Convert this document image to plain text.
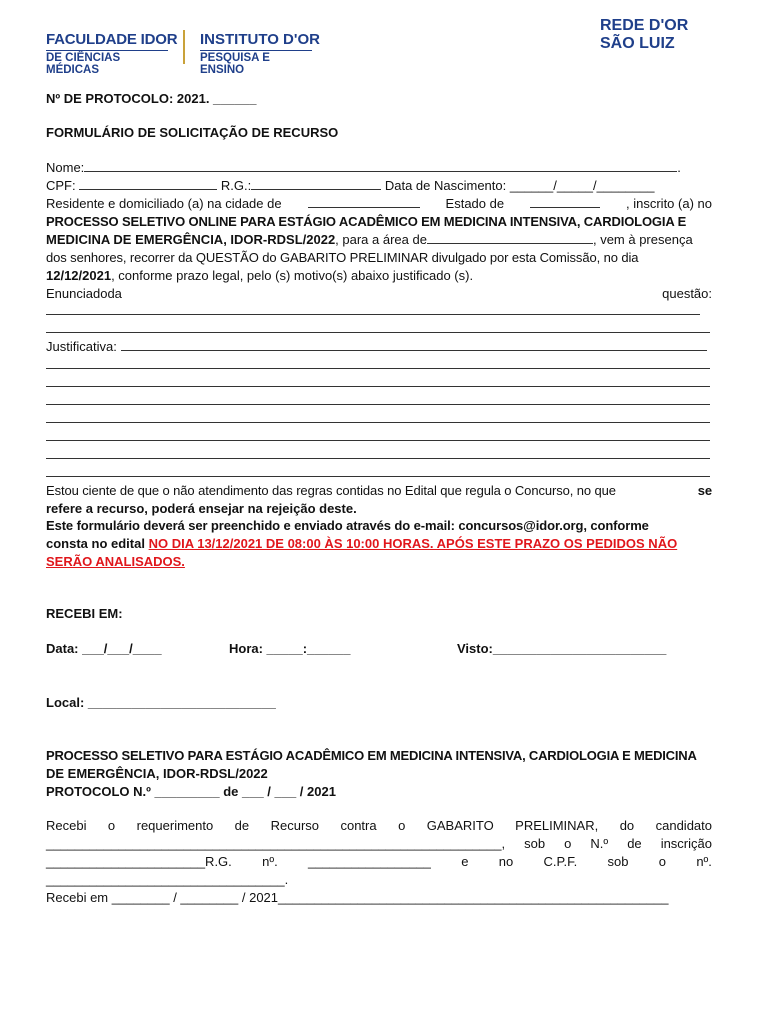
FACULDADE IDOR
DE CIÊNCIAS MÉDICAS
INSTITUTO D'OR
PESQUISA E ENSINO
REDE D'OR
SÃO LUIZ
Nº DE PROTOCOLO: 2021. ______
FORMULÁRIO DE SOLICITAÇÃO DE RECURSO
Nome:	.
CPF:	R.G.:	Data de Nascimento: ______/_____/________
Residente e domiciliado (a) na cidade de	Estado de	, inscrito (a) no
PROCESSO SELETIVO ONLINE PARA ESTÁGIO ACADÊMICO EM MEDICINA INTENSIVA, CARDIOLOGIA E
MEDICINA DE EMERGÊNCIA, IDOR-RDSL/2022, para a área de	, vem à presença
dos senhores, recorrer da QUESTÃO do GABARITO PRELIMINAR divulgado por esta Comissão, no dia
12/12/2021, conforme prazo legal, pelo (s) motivo(s) abaixo justificado (s).
Enunciado da	questão:
Justificativa:
Estou ciente de que o não atendimento das regras contidas no Edital que regula o Concurso, no que	se
refere a recurso, poderá ensejar na rejeição deste.
Este formulário deverá ser preenchido e enviado através do e-mail: concursos@idor.org, conforme
consta no edital NO DIA 13/12/2021 DE 08:00 ÀS 10:00 HORAS. APÓS ESTE PRAZO OS PEDIDOS NÃO
SERÃO ANALISADOS.
RECEBI EM:
Data: ___/___/____	Hora: _____:______	Visto:________________________
Local: __________________________
PROCESSO SELETIVO PARA ESTÁGIO ACADÊMICO EM MEDICINA INTENSIVA, CARDIOLOGIA E MEDICINA
DE EMERGÊNCIA, IDOR-RDSL/2022
PROTOCOLO N.º _________ de ___ / ___ / 2021
Recebi o requerimento de Recurso contra o GABARITO PRELIMINAR, do candidato
_______________________________________________________________, sob o N.º de inscrição
______________________R.G. nº. _________________ e no C.P.F. sob o nº.
_________________________________.
Recebi em ________ / ________ / 2021______________________________________________________
